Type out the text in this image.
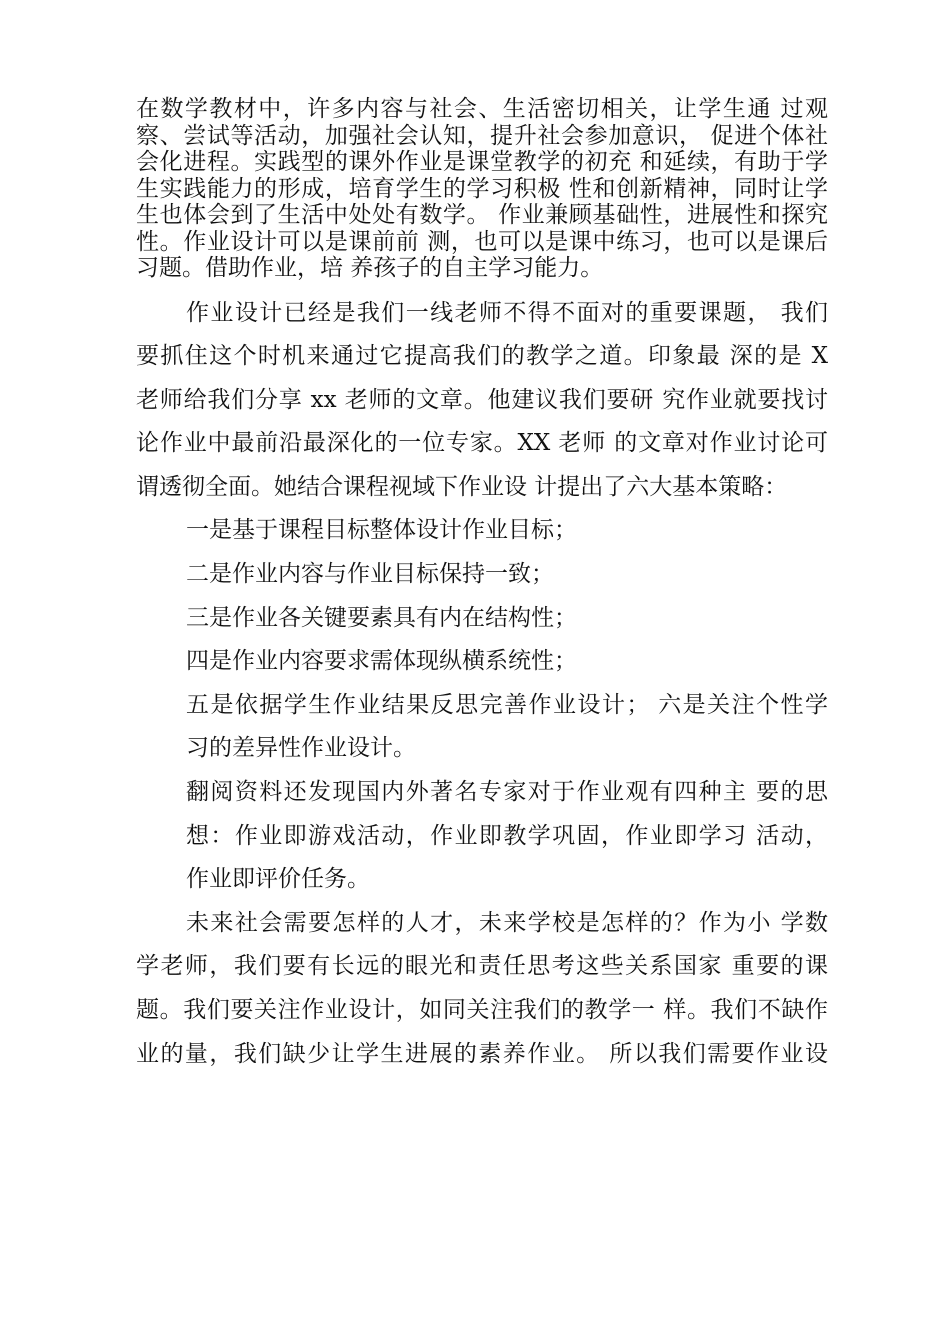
在数学教材中，许多内容与社会、生活密切相关，让学生通 过观
察、尝试等活动，加强社会认知，提升社会参加意识， 促进个体社
会化进程。实践型的课外作业是课堂教学的初充 和延续，有助于学
生实践能力的形成，培育学生的学习积极 性和创新精神，同时让学
生也体会到了生活中处处有数学。 作业兼顾基础性，进展性和探究
性。作业设计可以是课前前 测，也可以是课中练习，也可以是课后
习题。借助作业，培 养孩子的自主学习能力。
作业设计已经是我们一线老师不得不面对的重要课题， 我们
要抓住这个时机来通过它提高我们的教学之道。印象最 深的是 X
老师给我们分享 xx 老师的文章。他建议我们要研 究作业就要找讨
论作业中最前沿最深化的一位专家。XX 老师 的文章对作业讨论可
谓透彻全面。她结合课程视域下作业设 计提出了六大基本策略：
一是基于课程目标整体设计作业目标；
二是作业内容与作业目标保持一致；
三是作业各关键要素具有内在结构性；
四是作业内容要求需体现纵横系统性；
五是依据学生作业结果反思完善作业设计； 六是关注个性学
习的差异性作业设计。
翻阅资料还发现国内外著名专家对于作业观有四种主 要的思
想：作业即游戏活动，作业即教学巩固，作业即学习 活动，
作业即评价任务。
未来社会需要怎样的人才，未来学校是怎样的？作为小 学数
学老师，我们要有长远的眼光和责任思考这些关系国家 重要的课
题。我们要关注作业设计，如同关注我们的教学一 样。我们不缺作
业的量，我们缺少让学生进展的素养作业。 所以我们需要作业设
